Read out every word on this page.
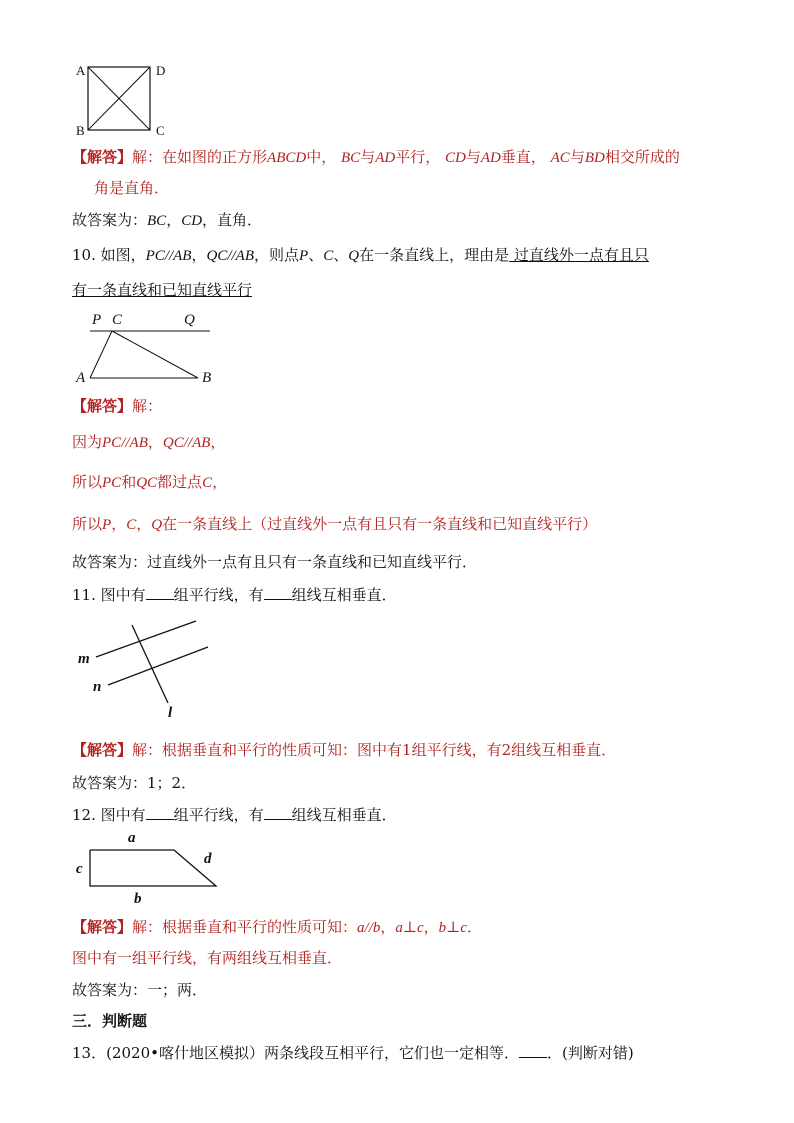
A	D
B	C
【解答】解：在如图的正方形ABCD中， BC与AD平行， CD与AD垂直， AC与BD相交所成的
角是直角．
故答案为：BC，CD，直角．
10. 如图，PC//AB，QC//AB，则点P、C、Q在一条直线上，理由是 过直线外一点有且只
有一条直线和已知直线平行
P C	Q
A	B
【解答】解：
因为PC//AB，QC//AB，
所以PC和QC都过点C，
所以P，C，Q在一条直线上（过直线外一点有且只有一条直线和已知直线平行）
故答案为：过直线外一点有且只有一条直线和已知直线平行．
11. 图中有 组平行线，有 组线互相垂直．
m
n
l
【解答】解：根据垂直和平行的性质可知：图中有1组平行线，有2组线互相垂直．
故答案为：1；2．
12. 图中有 组平行线，有 组线互相垂直．
a
d
c
b
【解答】解：根据垂直和平行的性质可知：a//b，a⊥c，b⊥c．
图中有一组平行线，有两组线互相垂直．
故答案为：一；两．
三．判断题
13．(2020•喀什地区模拟）两条线段互相平行，它们也一定相等． ．(判断对错)
